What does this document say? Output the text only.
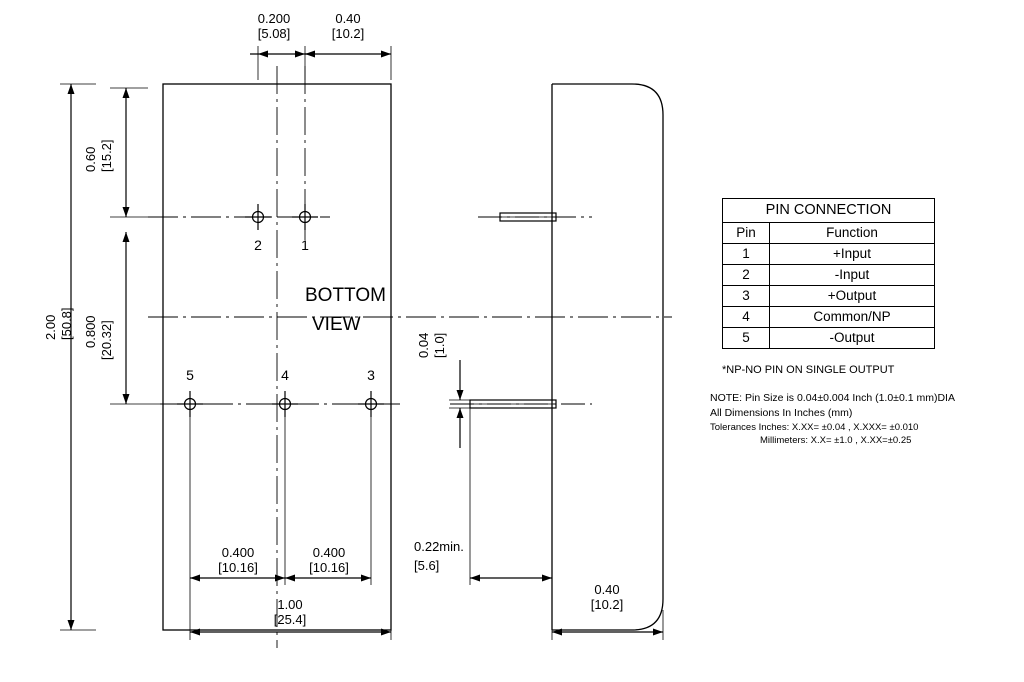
0.200
[5.08]
0.40
[10.2]
2.00 [50.8]
0.60 [15.2]
0.800 [20.32]
2	1
5	4	3
BOTTOM
VIEW
0.400
[10.16]
0.400
[10.16]
1.00
[25.4]
0.04 [1.0]
0.22min.
[5.6]
0.40
[10.2]
PIN CONNECTION	
Pin	Function
1	+Input
2	-Input
3	+Output
4	Common/NP
5	-Output
*NP-NO PIN ON SINGLE OUTPUT
NOTE: Pin Size is 0.04±0.004 Inch (1.0±0.1 mm)DIA
All Dimensions In Inches (mm)
Tolerances Inches: X.XX= ±0.04 , X.XXX= ±0.010
Millimeters: X.X= ±1.0 , X.XX=±0.25
